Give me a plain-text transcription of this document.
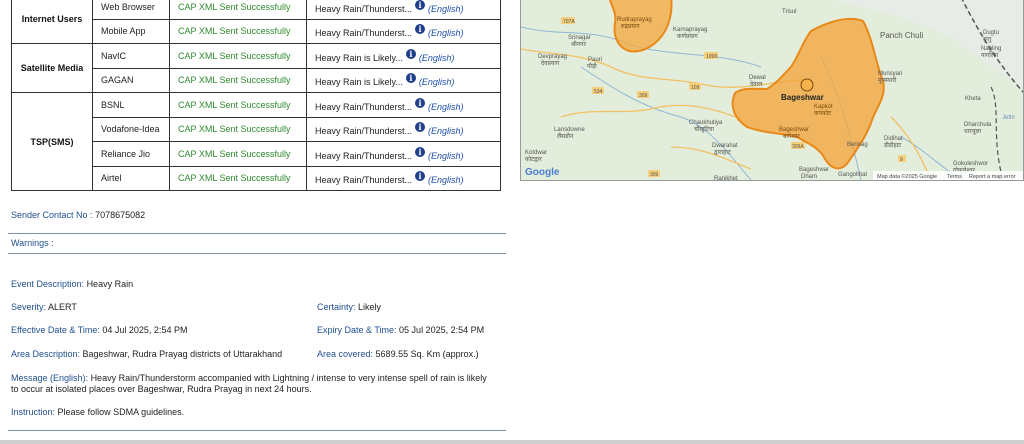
Internet Users	Web Browser	CAP XML Sent Successfully	Heavy Rain/Thunderst... i (English)
	Mobile App	CAP XML Sent Successfully	Heavy Rain/Thunderst... i (English)
Satellite Media	NavIC	CAP XML Sent Successfully	Heavy Rain is Likely... i (English)
	GAGAN	CAP XML Sent Successfully	Heavy Rain is Likely... i (English)
TSP(SMS)	BSNL	CAP XML Sent Successfully	Heavy Rain/Thunderst... i (English)
	Vodafone-Idea	CAP XML Sent Successfully	Heavy Rain/Thunderst... i (English)
	Reliance Jio	CAP XML Sent Successfully	Heavy Rain/Thunderst... i (English)
	Airtel	CAP XML Sent Successfully	Heavy Rain/Thunderst... i (English)
Sender Contact No : 7078675082
Warnings :
Event Description: Heavy Rain
Severity: ALERT	Certainty: Likely
Effective Date & Time: 04 Jul 2025, 2:54 PM	Expiry Date & Time: 05 Jul 2025, 2:54 PM
Area Description: Bageshwar, Rudra Prayag districts of Uttarakhand	Area covered: 5689.55 Sq. Km (approx.)
Message (English): Heavy Rain/Thunderstorm accompanied with Lightning / intense to very intense spell of rain is likely
to occur at isolated places over Bageshwar, Rudra Prayag in next 24 hours.
Instruction: Please follow SDMA guidelines.
Trisul
Panch Chuli	Dugtu
दुग्तु
Nagling
नागलिंग
Rudraprayag
रुद्रप्रयाग
Srinagar
श्रीनगर
Karnaprayag
कर्णप्रयाग
Devprayag
देवप्रयाग
Pauri
पौड़ी
Dewal
देवाल
Bageshwar
Kapkot
कपकोट
Bageshwar
बागेश्वर
Munsyari
मुनस्यारी
Kheta
Dharchula
धारचूला
Jethi
Didihat
डीडीहाट
Berinag
Gokuleshwor
Lansdowne
लैंसडौन
Chaukhutiya
चौखुटिया
Dwarahat
द्वाराहाट
Kotdwar
कोटद्वार
Ranikhet
Bageshwar
Dham	Gangolihat
707A
109K
309
109
534
309
309A
9
Google	Map data ©2025 Google Terms Report a map error
